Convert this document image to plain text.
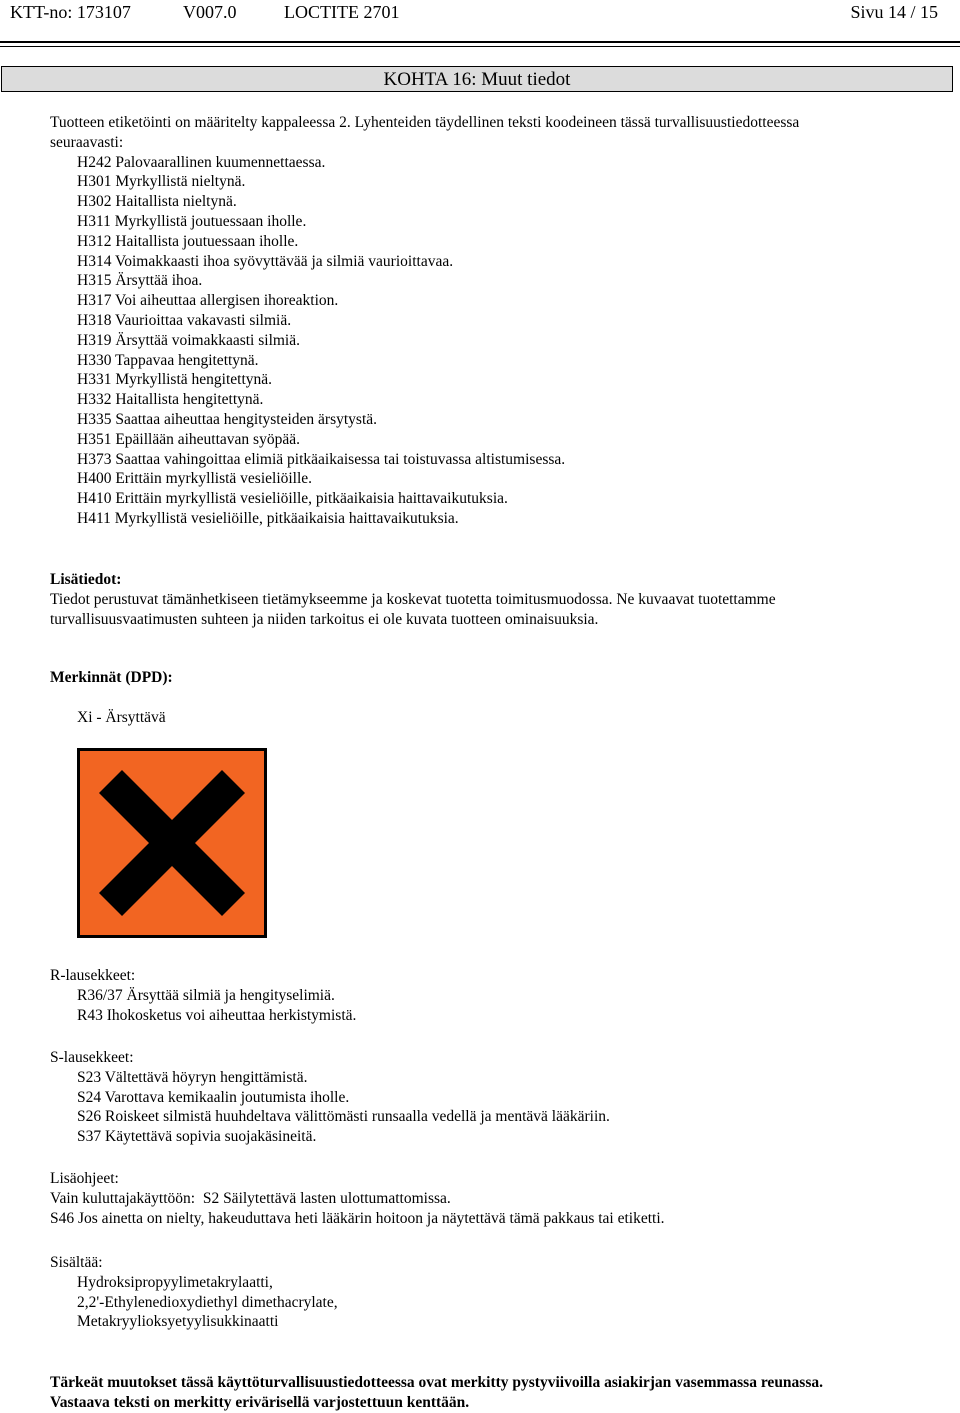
KTT-no: 173107	V007.0	LOCTITE 2701	Sivu 14 / 15
KOHTA 16: Muut tiedot
Tuotteen etiketöinti on määritelty kappaleessa 2. Lyhenteiden täydellinen teksti koodeineen tässä turvallisuustiedotteessa
seuraavasti:
H242 Palovaarallinen kuumennettaessa.
H301 Myrkyllistä nieltynä.
H302 Haitallista nieltynä.
H311 Myrkyllistä joutuessaan iholle.
H312 Haitallista joutuessaan iholle.
H314 Voimakkaasti ihoa syövyttävää ja silmiä vaurioittavaa.
H315 Ärsyttää ihoa.
H317 Voi aiheuttaa allergisen ihoreaktion.
H318 Vaurioittaa vakavasti silmiä.
H319 Ärsyttää voimakkaasti silmiä.
H330 Tappavaa hengitettynä.
H331 Myrkyllistä hengitettynä.
H332 Haitallista hengitettynä.
H335 Saattaa aiheuttaa hengitysteiden ärsytystä.
H351 Epäillään aiheuttavan syöpää.
H373 Saattaa vahingoittaa elimiä pitkäaikaisessa tai toistuvassa altistumisessa.
H400 Erittäin myrkyllistä vesieliöille.
H410 Erittäin myrkyllistä vesieliöille, pitkäaikaisia haittavaikutuksia.
H411 Myrkyllistä vesieliöille, pitkäaikaisia haittavaikutuksia.
Lisätiedot:
Tiedot perustuvat tämänhetkiseen tietämykseemme ja koskevat tuotetta toimitusmuodossa. Ne kuvaavat tuotettamme
turvallisuusvaatimusten suhteen ja niiden tarkoitus ei ole kuvata tuotteen ominaisuuksia.
Merkinnät (DPD):
Xi - Ärsyttävä
R-lausekkeet:
R36/37 Ärsyttää silmiä ja hengityselimiä.
R43 Ihokosketus voi aiheuttaa herkistymistä.
S-lausekkeet:
S23 Vältettävä höyryn hengittämistä.
S24 Varottava kemikaalin joutumista iholle.
S26 Roiskeet silmistä huuhdeltava välittömästi runsaalla vedellä ja mentävä lääkäriin.
S37 Käytettävä sopivia suojakäsineitä.
Lisäohjeet:
Vain kuluttajakäyttöön:  S2 Säilytettävä lasten ulottumattomissa.
S46 Jos ainetta on nielty, hakeuduttava heti lääkärin hoitoon ja näytettävä tämä pakkaus tai etiketti.
Sisältää:
Hydroksipropyylimetakrylaatti,
2,2'-Ethylenedioxydiethyl dimethacrylate,
Metakryylioksyetyylisukkinaatti
Tärkeät muutokset tässä käyttöturvallisuustiedotteessa ovat merkitty pystyviivoilla asiakirjan vasemmassa reunassa.
Vastaava teksti on merkitty erivärisellä varjostettuun kenttään.
